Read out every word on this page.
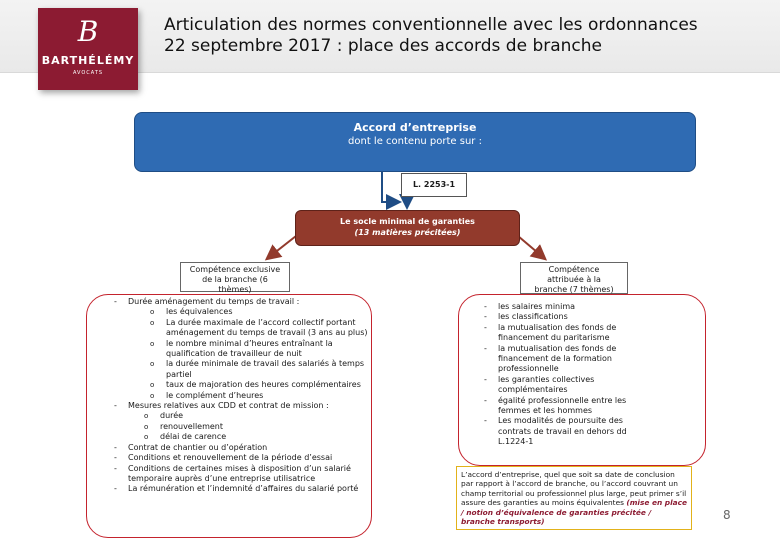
B
BARTHÉLÉMY
AVOCATS
Articulation des normes conventionnelle avec les ordonnances
22 septembre 2017 : place des accords de branche
Accord d’entreprise
dont le contenu porte sur :
L. 2253-1
Le socle minimal de garanties
(13 matières précitées)
Compétence exclusive
de la branche (6
thèmes)
Compétence
attribuée à la
branche (7 thèmes)
- Durée aménagement du temps de travail :
o les équivalences
o La durée maximale de l’accord collectif portant aménagement du temps de travail (3 ans au plus)
o le nombre minimal d’heures entraînant la qualification de travailleur de nuit
o la durée minimale de travail des salariés à temps partiel
o taux de majoration des heures complémentaires
o le complément d’heures
- Mesures relatives aux CDD et contrat de mission :
o durée
o renouvellement
o délai de carence
- Contrat de chantier ou d’opération
- Conditions et renouvellement de la période d’essai
- Conditions de certaines mises à disposition d’un salarié temporaire auprès d’une entreprise utilisatrice
- La rémunération et l’indemnité d’affaires du salarié porté
- les salaires minima
- les classifications
- la mutualisation des fonds de financement du paritarisme
- la mutualisation des fonds de financement de la formation professionnelle
- les garanties collectives complémentaires
- égalité professionnelle entre les femmes et les hommes
- Les modalités de poursuite des contrats de travail en dehors dd L.1224-1
L’accord d’entreprise, quel que soit sa date de conclusion par rapport à l’accord de branche, ou l’accord couvrant un champ territorial ou professionnel plus large, peut primer s’il assure des garanties au moins équivalentes (mise en place / notion d’équivalence de garanties précitée / branche transports)	8
